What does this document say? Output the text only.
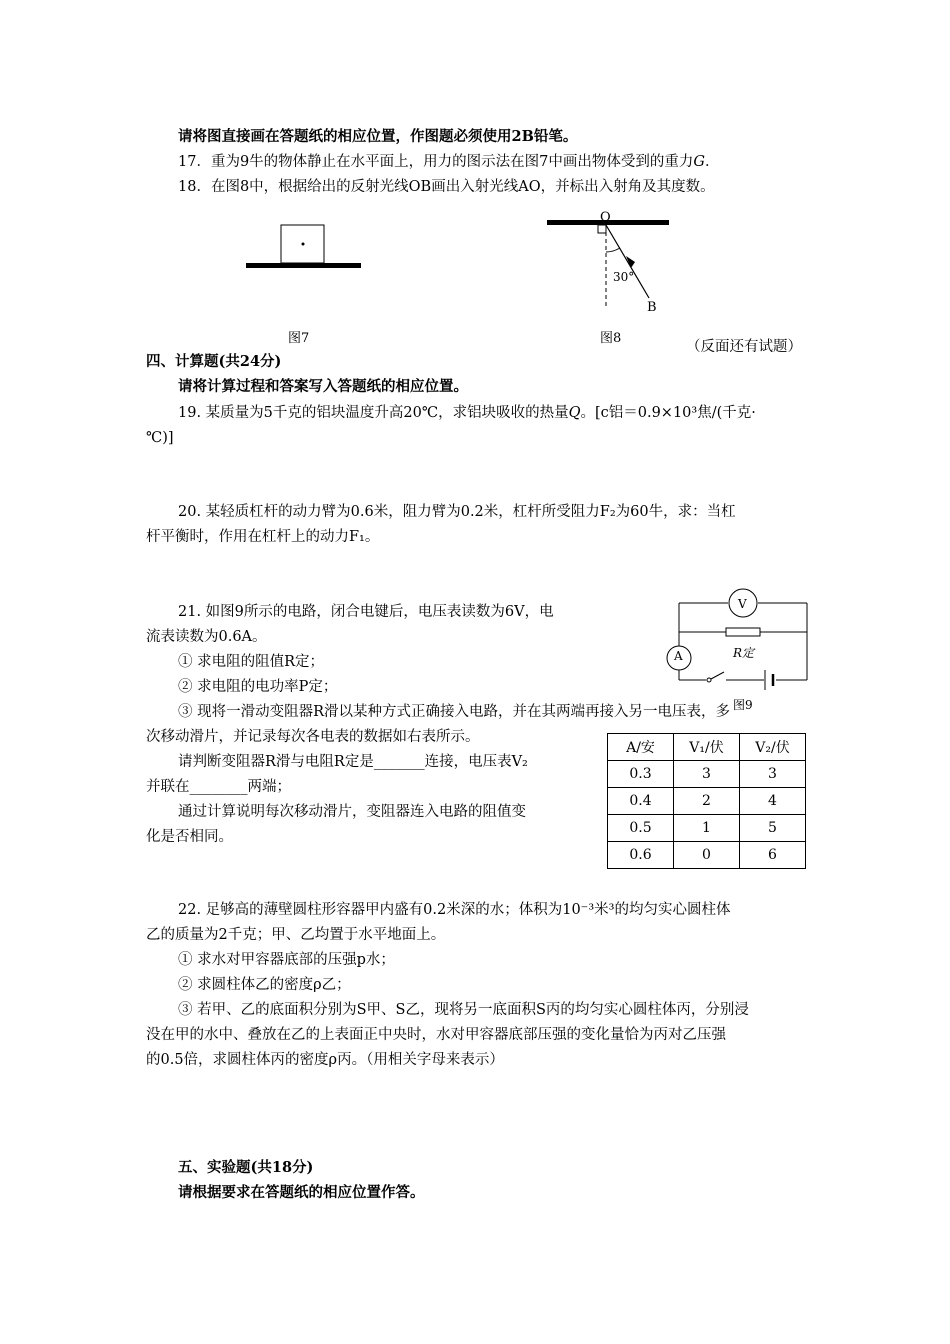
请将图直接画在答题纸的相应位置，作图题必须使用2B铅笔。
17．重为9牛的物体静止在水平面上，用力的图示法在图7中画出物体受到的重力G．
18．在图8中，根据给出的反射光线OB画出入射光线AO，并标出入射角及其度数。
图7
O
30°
B
图8
（反面还有试题）
四、计算题(共24分)
请将计算过程和答案写入答题纸的相应位置。
19. 某质量为5千克的铝块温度升高20℃，求铝块吸收的热量Q。[c铝＝0.9×10³焦/(千克·
℃)]
20. 某轻质杠杆的动力臂为0.6米，阻力臂为0.2米，杠杆所受阻力F₂为60牛，求：当杠
杆平衡时，作用在杠杆上的动力F₁。
21. 如图9所示的电路，闭合电键后，电压表读数为6V，电
流表读数为0.6A。
① 求电阻的阻值R定；
② 求电阻的电功率P定；
③ 现将一滑动变阻器R滑以某种方式正确接入电路，并在其两端再接入另一电压表，多
次移动滑片，并记录每次各电表的数据如右表所示。
请判断变阻器R滑与电阻R定是_______连接，电压表V₂
并联在________两端；
通过计算说明每次移动滑片，变阻器连入电路的阻值变
化是否相同。
V
A	R定
图9
A/安	V₁/伏	V₂/伏
0.3	3	3
0.4	2	4
0.5	1	5
0.6	0	6
22. 足够高的薄壁圆柱形容器甲内盛有0.2米深的水；体积为10⁻³米³的均匀实心圆柱体
乙的质量为2千克；甲、乙均置于水平地面上。
① 求水对甲容器底部的压强p水；
② 求圆柱体乙的密度ρ乙；
③ 若甲、乙的底面积分别为S甲、S乙，现将另一底面积S丙的均匀实心圆柱体丙，分别浸
没在甲的水中、叠放在乙的上表面正中央时，水对甲容器底部压强的变化量恰为丙对乙压强
的0.5倍，求圆柱体丙的密度ρ丙。（用相关字母来表示）
五、实验题(共18分)
请根据要求在答题纸的相应位置作答。
